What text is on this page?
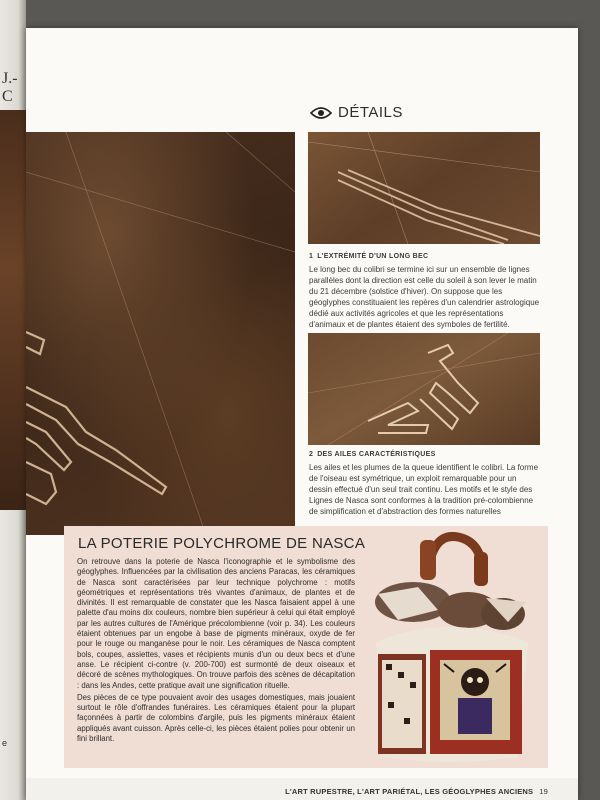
J.-C
e
DÉTAILS
1 L'EXTRÉMITÉ D'UN LONG BEC
Le long bec du colibri se termine ici sur un ensemble de lignes parallèles dont la direction est celle du soleil à son lever le matin du 21 décembre (solstice d'hiver). On suppose que les géoglyphes constituaient les repères d'un calendrier astrologique dédié aux activités agricoles et que les représentations d'animaux et de plantes étaient des symboles de fertilité.
2 DES AILES CARACTÉRISTIQUES
Les ailes et les plumes de la queue identifient le colibri. La forme de l'oiseau est symétrique, un exploit remarquable pour un dessin effectué d'un seul trait continu. Les motifs et le style des Lignes de Nasca sont conformes à la tradition pré-colombienne de simplification et d'abstraction des formes naturelles
LA POTERIE POLYCHROME DE NASCA

On retrouve dans la poterie de Nasca l'iconographie et le symbolisme des géoglyphes. Influencées par la civilisation des anciens Paracas, les céramiques de Nasca sont caractérisées par leur technique polychrome : motifs géométriques et représentations très vivantes d'animaux, de plantes et de divinités. Il est remarquable de constater que les Nasca faisaient appel à une palette d'au moins dix couleurs, nombre bien supérieur à celui qui était employé par les autres cultures de l'Amérique précolombienne (voir p. 34). Les couleurs étaient obtenues par un engobe à base de pigments minéraux, oxyde de fer pour le rouge ou manganèse pour le noir. Les céramiques de Nasca comptent bols, coupes, assiettes, vases et récipients munis d'un ou deux becs et d'une anse. Le récipient ci-contre (v. 200-700) est surmonté de deux oiseaux et décoré de scènes mythologiques. On trouve parfois des scènes de décapitation : dans les Andes, cette pratique avait une signification rituelle.

Des pièces de ce type pouvaient avoir des usages domestiques, mais jouaient surtout le rôle d'offrandes funéraires. Les céramiques étaient pour la plupart façonnées à partir de colombins d'argile, puis les pigments minéraux étaient appliqués avant cuisson. Après celle-ci, les pièces étaient polies pour obtenir un fini brillant.

L'ART RUPESTRE, L'ART PARIÉTAL, LES GÉOGLYPHES ANCIENS 19
